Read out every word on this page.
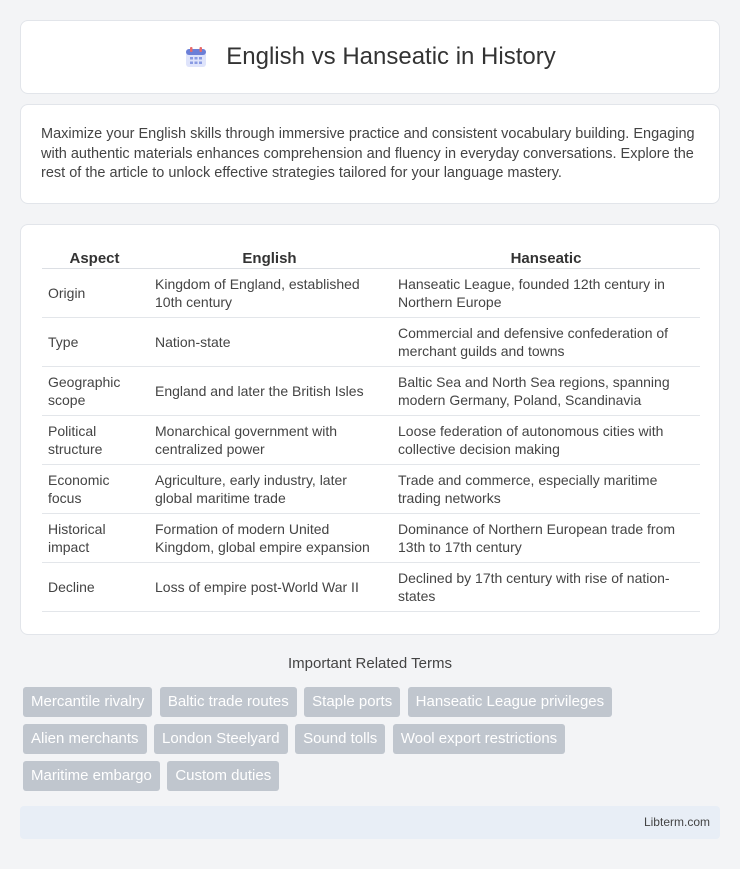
English vs Hanseatic in History

Maximize your English skills through immersive practice and consistent vocabulary building. Engaging with authentic materials enhances comprehension and fluency in everyday conversations. Explore the rest of the article to unlock effective strategies tailored for your language mastery.

Aspect	English	Hanseatic
Origin	Kingdom of England, established 10th century	Hanseatic League, founded 12th century in Northern Europe
Type	Nation-state	Commercial and defensive confederation of merchant guilds and towns
Geographic scope	England and later the British Isles	Baltic Sea and North Sea regions, spanning modern Germany, Poland, Scandinavia
Political structure	Monarchical government with centralized power	Loose federation of autonomous cities with collective decision making
Economic focus	Agriculture, early industry, later global maritime trade	Trade and commerce, especially maritime trading networks
Historical impact	Formation of modern United Kingdom, global empire expansion	Dominance of Northern European trade from 13th to 17th century
Decline	Loss of empire post-World War II	Declined by 17th century with rise of nation-states
Important Related Terms
Mercantile rivalry Baltic trade routes Staple ports Hanseatic League privileges Alien merchants London Steelyard Sound tolls Wool export restrictions Maritime embargo Custom duties
Libterm.com
